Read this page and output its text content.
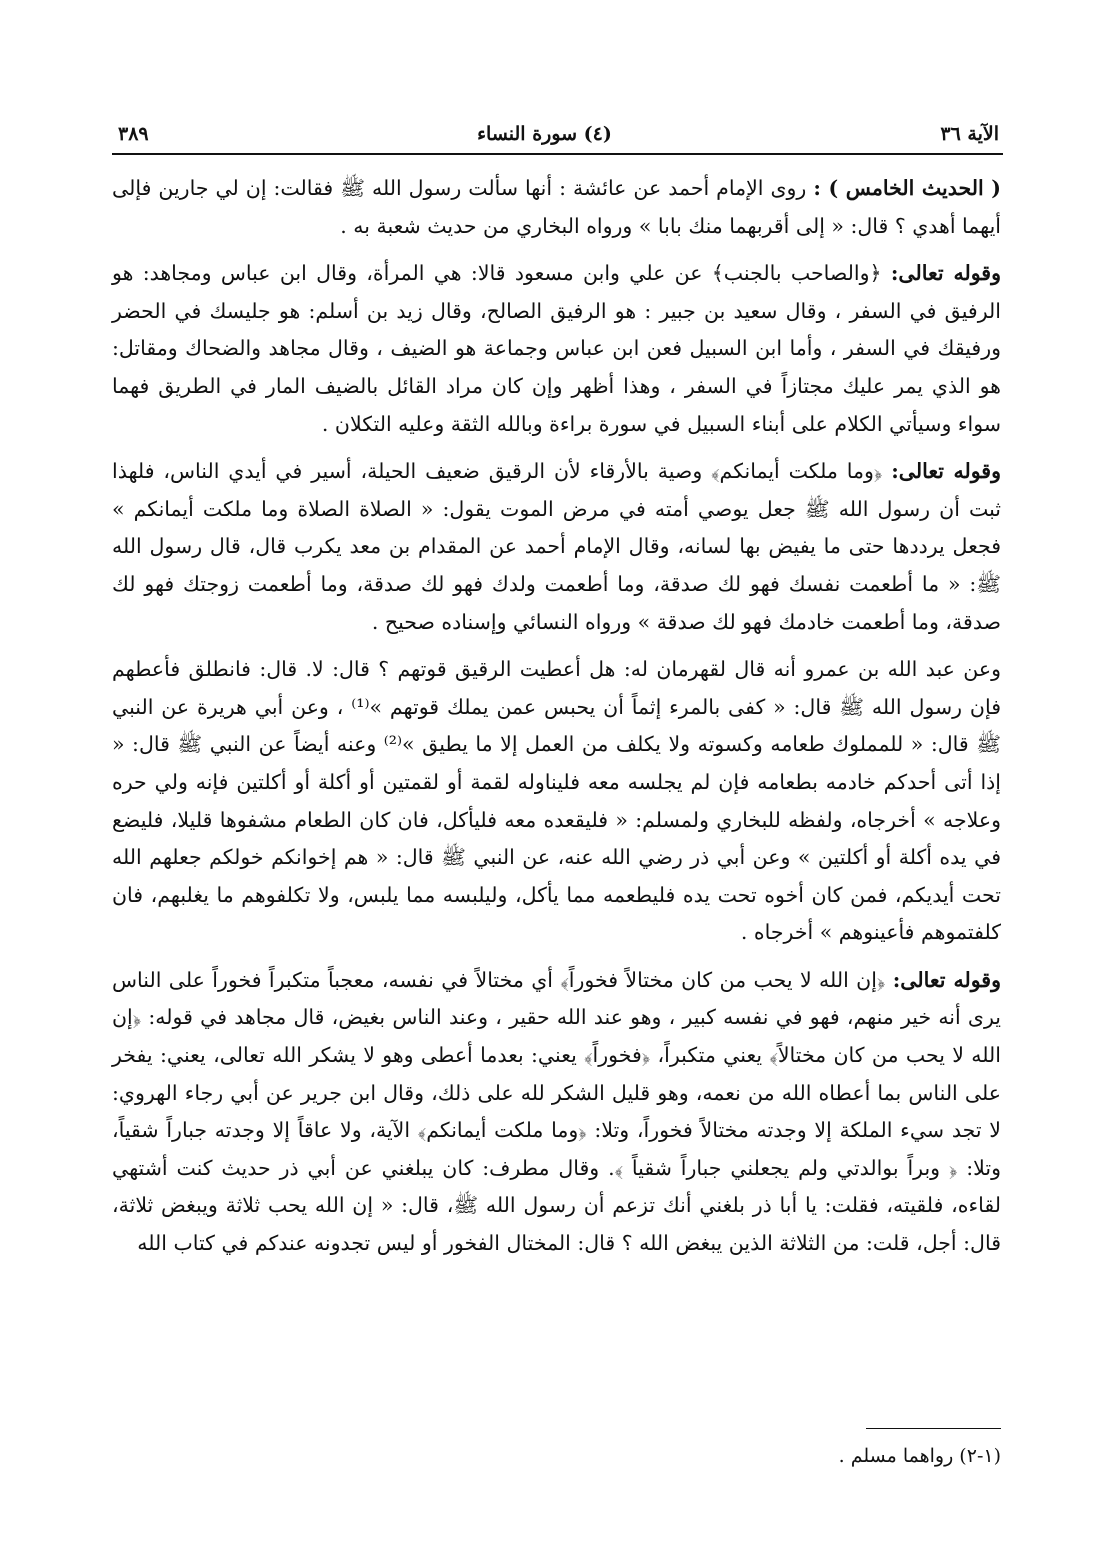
الآية ٣٦
(٤) سورة النساء
٣٨٩

( الحديث الخامس ) : روى الإمام أحمد عن عائشة : أنها سألت رسول الله ﷺ فقالت: إن لي جارين فإلى أيهما أهدي ؟ قال: « إلى أقربهما منك بابا » ورواه البخاري من حديث شعبة به .

وقوله تعالى: ﴿والصاحب بالجنب﴾ عن علي وابن مسعود قالا: هي المرأة، وقال ابن عباس ومجاهد: هو الرفيق في السفر ، وقال سعيد بن جبير : هو الرفيق الصالح، وقال زيد بن أسلم: هو جليسك في الحضر ورفيقك في السفر ، وأما ابن السبيل فعن ابن عباس وجماعة هو الضيف ، وقال مجاهد والضحاك ومقاتل: هو الذي يمر عليك مجتازاً في السفر ، وهذا أظهر وإن كان مراد القائل بالضيف المار في الطريق فهما سواء وسيأتي الكلام على أبناء السبيل في سورة براءة وبالله الثقة وعليه التكلان .

وقوله تعالى: ﴿وما ملكت أيمانكم﴾ وصية بالأرقاء لأن الرقيق ضعيف الحيلة، أسير في أيدي الناس، فلهذا ثبت أن رسول الله ﷺ جعل يوصي أمته في مرض الموت يقول: « الصلاة الصلاة وما ملكت أيمانكم » فجعل يرددها حتى ما يفيض بها لسانه، وقال الإمام أحمد عن المقدام بن معد يكرب قال، قال رسول الله ﷺ: « ما أطعمت نفسك فهو لك صدقة، وما أطعمت ولدك فهو لك صدقة، وما أطعمت زوجتك فهو لك صدقة، وما أطعمت خادمك فهو لك صدقة » ورواه النسائي وإسناده صحيح .

وعن عبد الله بن عمرو أنه قال لقهرمان له: هل أعطيت الرقيق قوتهم ؟ قال: لا. قال: فانطلق فأعطهم فإن رسول الله ﷺ قال: « كفى بالمرء إثماً أن يحبس عمن يملك قوتهم »⁽¹⁾ ، وعن أبي هريرة عن النبي ﷺ قال: « للمملوك طعامه وكسوته ولا يكلف من العمل إلا ما يطيق »⁽²⁾ وعنه أيضاً عن النبي ﷺ قال: « إذا أتى أحدكم خادمه بطعامه فإن لم يجلسه معه فليناوله لقمة أو لقمتين أو أكلة أو أكلتين فإنه ولي حره وعلاجه » أخرجاه، ولفظه للبخاري ولمسلم: « فليقعده معه فليأكل، فان كان الطعام مشفوها قليلا، فليضع في يده أكلة أو أكلتين » وعن أبي ذر رضي الله عنه، عن النبي ﷺ قال: « هم إخوانكم خولكم جعلهم الله تحت أيديكم، فمن كان أخوه تحت يده فليطعمه مما يأكل، وليلبسه مما يلبس، ولا تكلفوهم ما يغلبهم، فان كلفتموهم فأعينوهم » أخرجاه .

وقوله تعالى: ﴿إن الله لا يحب من كان مختالاً فخوراً﴾ أي مختالاً في نفسه، معجباً متكبراً فخوراً على الناس يرى أنه خير منهم، فهو في نفسه كبير ، وهو عند الله حقير ، وعند الناس بغيض، قال مجاهد في قوله: ﴿إن الله لا يحب من كان مختالاً﴾ يعني متكبراً، ﴿فخوراً﴾ يعني: بعدما أعطى وهو لا يشكر الله تعالى، يعني: يفخر على الناس بما أعطاه الله من نعمه، وهو قليل الشكر لله على ذلك، وقال ابن جرير عن أبي رجاء الهروي: لا تجد سيء الملكة إلا وجدته مختالاً فخوراً، وتلا: ﴿وما ملكت أيمانكم﴾ الآية، ولا عاقاً إلا وجدته جباراً شقياً، وتلا: ﴿ وبراً بوالدتي ولم يجعلني جباراً شقياً ﴾. وقال مطرف: كان يبلغني عن أبي ذر حديث كنت أشتهي لقاءه، فلقيته، فقلت: يا أبا ذر بلغني أنك تزعم أن رسول الله ﷺ، قال: « إن الله يحب ثلاثة ويبغض ثلاثة، قال: أجل، قلت: من الثلاثة الذين يبغض الله ؟ قال: المختال الفخور أو ليس تجدونه عندكم في كتاب الله

(١-٢) رواهما مسلم .
